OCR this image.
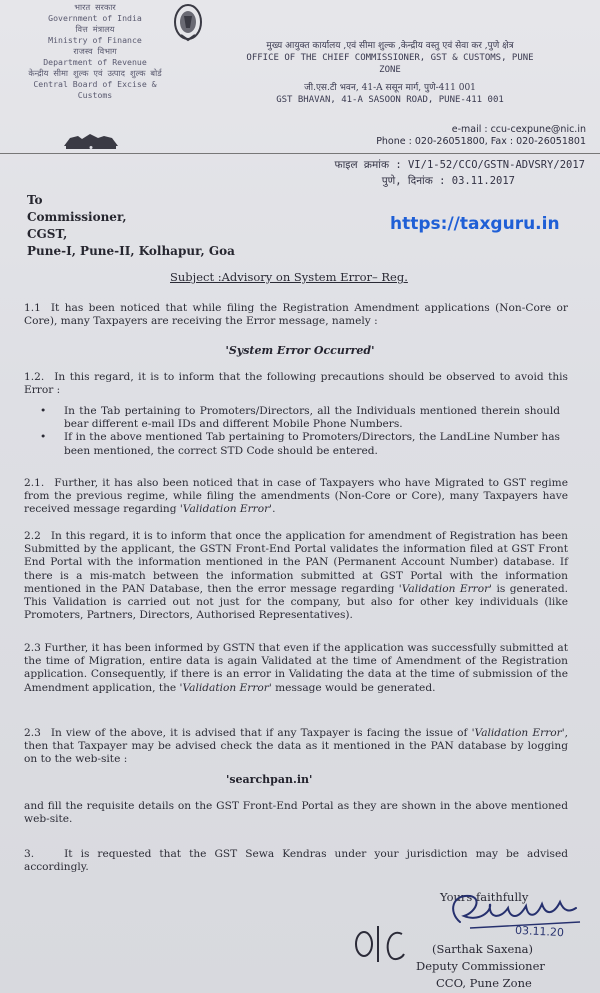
भारत सरकार
Government of India
वित्त मंत्रालय
Ministry of Finance
राजस्व विभाग
Department of Revenue
केन्द्रीय सीमा शुल्क एवं उत्पाद शुल्क बोर्ड
Central Board of Excise &
Customs
मुख्य आयुक्त कार्यालय ,एवं सीमा शुल्क ,केन्द्रीय वस्तु एवं सेवा कर ,पुणे क्षेत्र
OFFICE OF THE CHIEF COMMISSIONER, GST & CUSTOMS, PUNE
ZONE
जी.एस.टी भवन, 41-A ससून मार्ग, पुणे-411 001
GST BHAVAN, 41-A SASOON ROAD, PUNE-411 001
e-mail : ccu-cexpune@nic.in
Phone : 020-26051800, Fax : 020-26051801
फाइल क्रमांक : VI/1-52/CCO/GSTN-ADVSRY/2017
पुणे, दिनांक : 03.11.2017
To
Commissioner,
CGST,
Pune-I, Pune-II, Kolhapur, Goa
https://taxguru.in
Subject :Advisory on System Error– Reg.
1.1 It has been noticed that while filing the Registration Amendment applications (Non-Core or Core), many Taxpayers are receiving the Error message, namely :
'System Error Occurred'
1.2. In this regard, it is to inform that the following precautions should be observed to avoid this Error :
• In the Tab pertaining to Promoters/Directors, all the Individuals mentioned therein should bear different e-mail IDs and different Mobile Phone Numbers.
• If in the above mentioned Tab pertaining to Promoters/Directors, the LandLine Number has been mentioned, the correct STD Code should be entered.
2.1. Further, it has also been noticed that in case of Taxpayers who have Migrated to GST regime from the previous regime, while filing the amendments (Non-Core or Core), many Taxpayers have received message regarding 'Validation Error'.
2.2 In this regard, it is to inform that once the application for amendment of Registration has been Submitted by the applicant, the GSTN Front-End Portal validates the information filed at GST Front End Portal with the information mentioned in the PAN (Permanent Account Number) database. If there is a mis-match between the information submitted at GST Portal with the information mentioned in the PAN Database, then the error message regarding 'Validation Error' is generated. This Validation is carried out not just for the company, but also for other key individuals (like Promoters, Partners, Directors, Authorised Representatives).
2.3 Further, it has been informed by GSTN that even if the application was successfully submitted at the time of Migration, entire data is again Validated at the time of Amendment of the Registration application. Consequently, if there is an error in Validating the data at the time of submission of the Amendment application, the 'Validation Error' message would be generated.
2.3 In view of the above, it is advised that if any Taxpayer is facing the issue of 'Validation Error', then that Taxpayer may be advised check the data as it mentioned in the PAN database by logging on to the web-site :
'searchpan.in'
and fill the requisite details on the GST Front-End Portal as they are shown in the above mentioned web-site.
3.	It is requested that the GST Sewa Kendras under your jurisdiction may be advised accordingly.
Yours faithfully
03.11.20
(Sarthak Saxena)
Deputy Commissioner
CCO, Pune Zone
